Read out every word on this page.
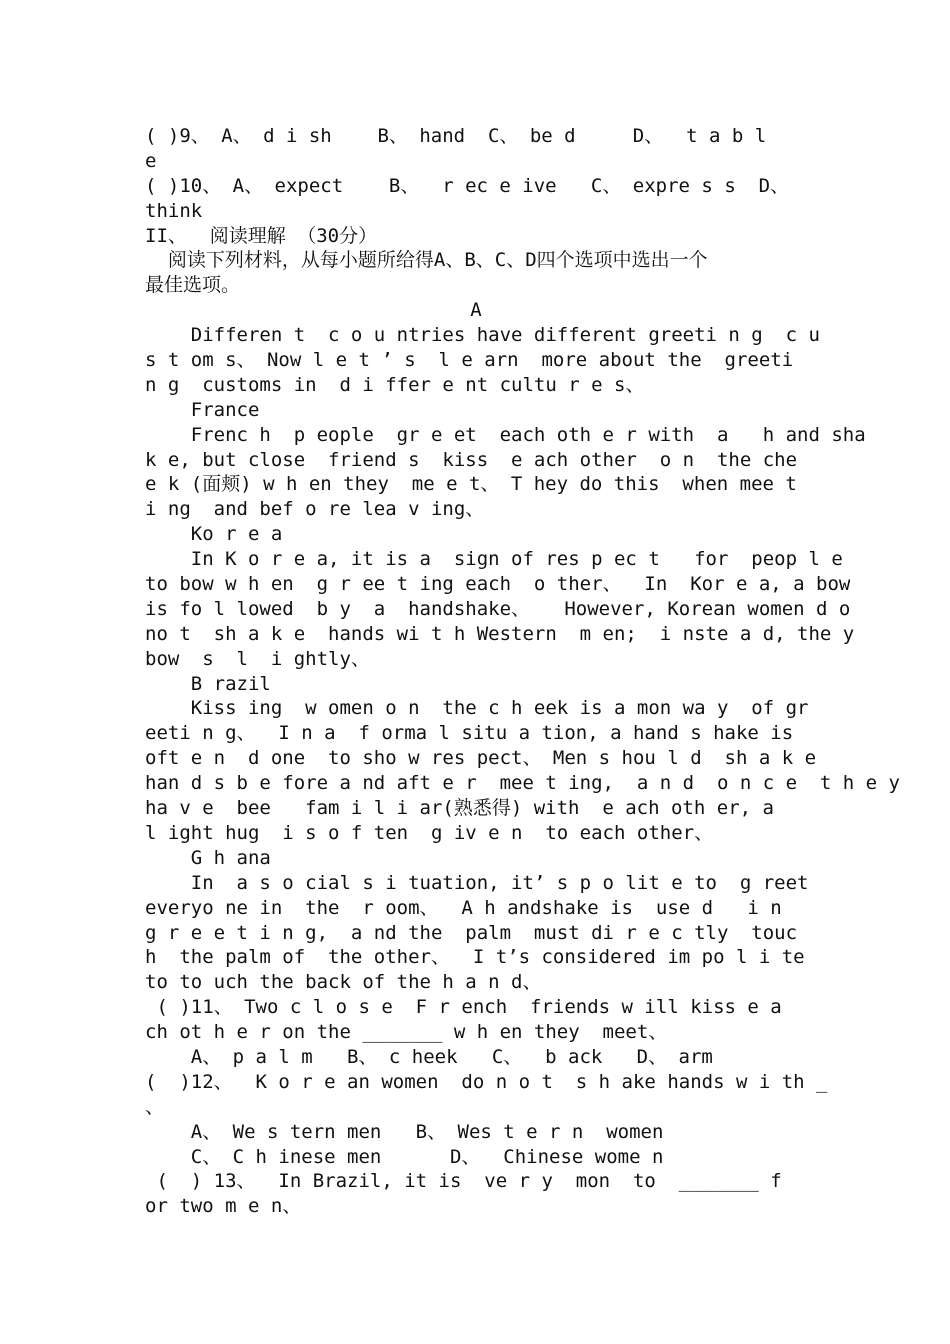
( )9、 A、 d i sh    B、 hand  C、 be d     D、  t a b l
e
( )10、 A、 expect    B、  r ec e ive   C、 expre s s  D、
think
II、  阅读理解 （30分）
阅读下列材料，从每小题所给得A、B、C、D四个选项中选出一个
最佳选项。
A
Differen t  c o u ntries have different greeti n g  c u
s t om s、 Now l e t ’ s  l e arn  more about the  greeti
n g  customs in  d i ffer e nt cultu r e s、
France
Frenc h  p eople  gr e et  each oth e r with  a   h and sha
k e, but close  friend s  kiss  e ach other  o n  the che
e k (面颊) w h en they  me e t、 T hey do this  when mee t
i ng  and bef o re lea v ing、
Ko r e a
In K o r e a, it is a  sign of res p ec t   for  peop l e
to bow w h en  g r ee t ing each  o ther、  In  Kor e a, a bow
is fo l lowed  b y  a  handshake、   However, Korean women d o
no t  sh a k e  hands wi t h Western  m en;  i nste a d, the y
bow  s  l  i ghtly、
B razil
Kiss ing  w omen o n  the c h eek is a mon wa y  of gr
eeti n g、  I n a  f orma l situ a tion, a hand s hake is
oft e n  d one  to sho w res pect、 Men s hou l d  sh a k e
han d s b e fore a nd aft e r  mee t ing,  a n d  o n c e  t h e y
ha v e  bee   fam i l i ar(熟悉得) with  e ach oth er, a
l ight hug  i s o f ten  g iv e n  to each other、
G h ana
In  a s o cial s i tuation, it’ s p o lit e to  g reet
everyo ne in  the  r oom、  A h andshake is  use d   i n
g r e e t i n g,  a nd the  palm  must di r e c tly  touc
h  the palm of  the other、  I t’s considered im po l i te
to to uch the back of the h a n d、
( )11、 Two c l o s e  F r ench  friends w ill kiss e a
ch ot h e r on the _______ w h en they  meet、
A、 p a l m   B、 c heek   C、  b ack   D、 arm
(  )12、  K o r e an women  do n o t  s h ake hands w i th _
、
A、 We s tern men   B、 Wes t e r n  women
C、 C h inese men      D、  Chinese wome n
(  ) 13、  In Brazil, it is  ve r y  mon  to  _______ f
or two m e n、
